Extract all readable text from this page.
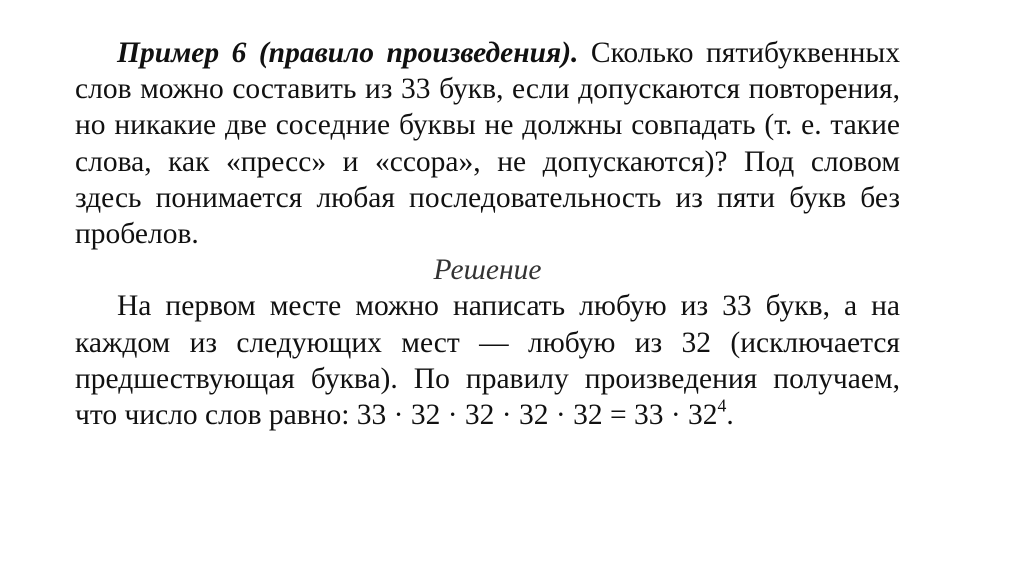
Пример 6 (правило произведения). Сколько пятибуквенных слов можно составить из 33 букв, если допускаются повторения, но никакие две соседние буквы не должны совпадать (т. е. такие слова, как «пресс» и «ссора», не допускаются)? Под словом здесь понимается любая последовательность из пяти букв без пробелов.

Решение

На первом месте можно написать любую из 33 букв, а на каждом из следующих мест — любую из 32 (исключается предшествующая буква). По правилу произведения получаем, что число слов равно: $33 \cdot 32 \cdot 32 \cdot 32 \cdot 32 = 33 \cdot 32^4$.
